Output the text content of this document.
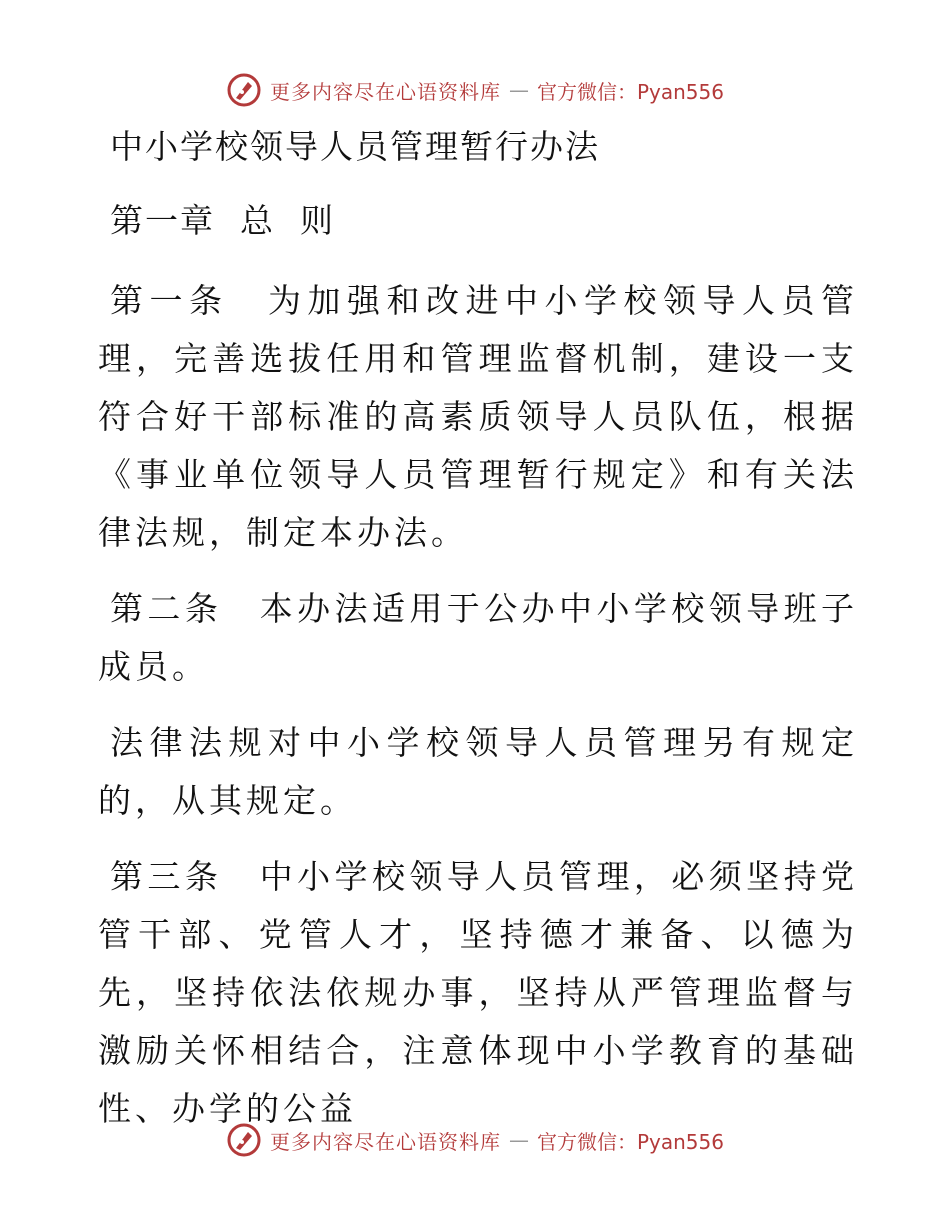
更多内容尽在心语资料库 — 官方微信：Pyan556
中小学校领导人员管理暂行办法
第一章  总  则

第一条　 为加强和改进中小学校领导人员管理，完善选拔任用和管理监督机制，建设一支符合好干部标准的高素质领导人员队伍，根据《事业单位领导人员管理暂行规定》和有关法律法规，制定本办法。

第二条　 本办法适用于公办中小学校领导班子成员。

法律法规对中小学校领导人员管理另有规定的，从其规定。

第三条　 中小学校领导人员管理，必须坚持党管干部、党管人才，坚持德才兼备、以德为先，坚持依法依规办事，坚持从严管理监督与激励关怀相结合，注意体现中小学教育的基础性、办学的公益

更多内容尽在心语资料库 — 官方微信：Pyan556
